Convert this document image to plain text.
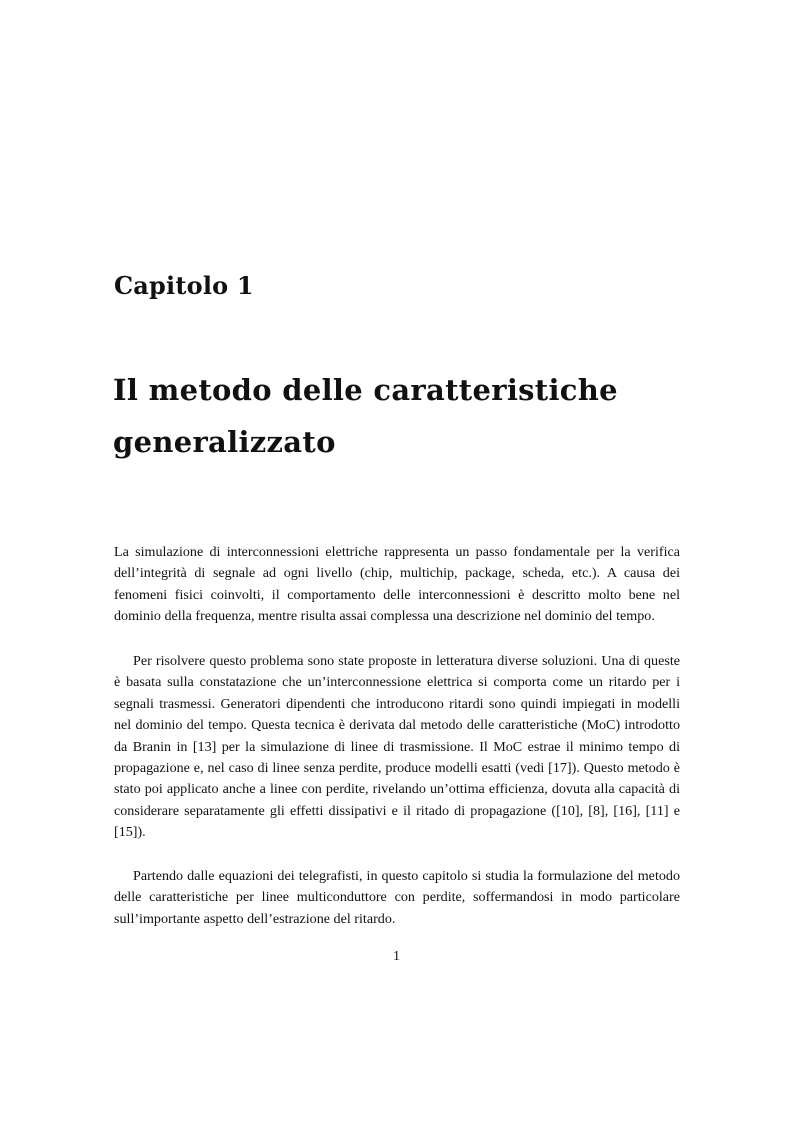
Capitolo 1
Il metodo delle caratteristiche generalizzato

La simulazione di interconnessioni elettriche rappresenta un passo fondamentale per la verifica dell’integrità di segnale ad ogni livello (chip, multichip, package, scheda, etc.). A causa dei fenomeni fisici coinvolti, il comportamento delle interconnessioni è descritto molto bene nel dominio della frequenza, mentre risulta assai complessa una descrizione nel dominio del tempo.

Per risolvere questo problema sono state proposte in letteratura diverse soluzioni. Una di queste è basata sulla constatazione che un’interconnessione elettrica si comporta come un ritardo per i segnali trasmessi. Generatori dipendenti che introducono ritardi sono quindi impiegati in modelli nel dominio del tempo. Questa tecnica è derivata dal metodo delle caratteristiche (MoC) introdotto da Branin in [13] per la simulazione di linee di trasmissione. Il MoC estrae il minimo tempo di propagazione e, nel caso di linee senza perdite, produce modelli esatti (vedi [17]). Questo metodo è stato poi applicato anche a linee con perdite, rivelando un’ottima efficienza, dovuta alla capacità di considerare separatamente gli effetti dissipativi e il ritado di propagazione ([10], [8], [16], [11] e [15]).

Partendo dalle equazioni dei telegrafisti, in questo capitolo si studia la formulazione del metodo delle caratteristiche per linee multiconduttore con perdite, soffermandosi in modo particolare sull’importante aspetto dell’estrazione del ritardo.

1
